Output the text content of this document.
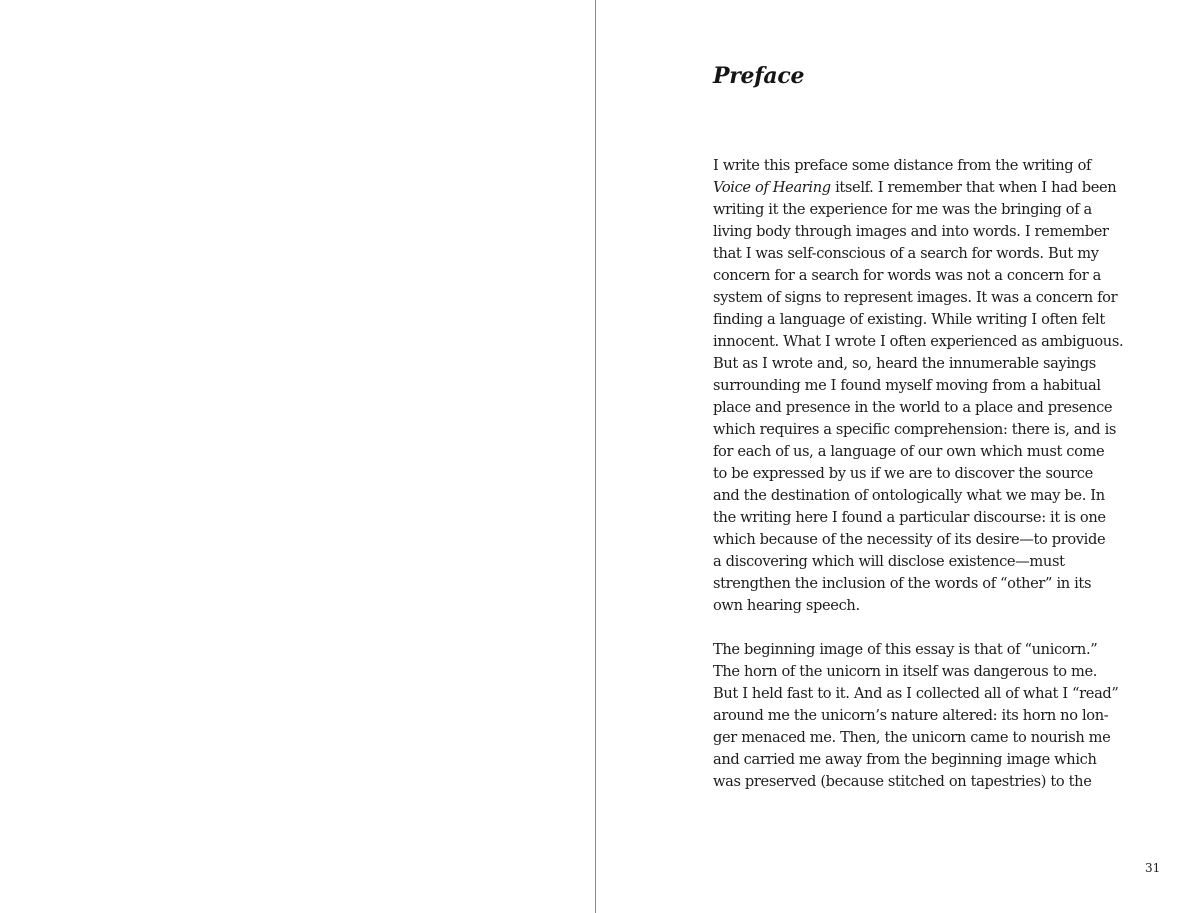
Preface

I write this preface some distance from the writing of
Voice of Hearing itself. I remember that when I had been
writing it the experience for me was the bringing of a
living body through images and into words. I remember
that I was self-conscious of a search for words. But my
concern for a search for words was not a concern for a
system of signs to represent images. It was a concern for
finding a language of existing. While writing I often felt
innocent. What I wrote I often experienced as ambiguous.
But as I wrote and, so, heard the innumerable sayings
surrounding me I found myself moving from a habitual
place and presence in the world to a place and presence
which requires a specific comprehension: there is, and is
for each of us, a language of our own which must come
to be expressed by us if we are to discover the source
and the destination of ontologically what we may be. In
the writing here I found a particular discourse: it is one
which because of the necessity of its desire—to provide
a discovering which will disclose existence—must
strengthen the inclusion of the words of “other” in its
own hearing speech.

The beginning image of this essay is that of “unicorn.”
The horn of the unicorn in itself was dangerous to me.
But I held fast to it. And as I collected all of what I “read”
around me the unicorn’s nature altered: its horn no lon-
ger menaced me. Then, the unicorn came to nourish me
and carried me away from the beginning image which
was preserved (because stitched on tapestries) to the

31
